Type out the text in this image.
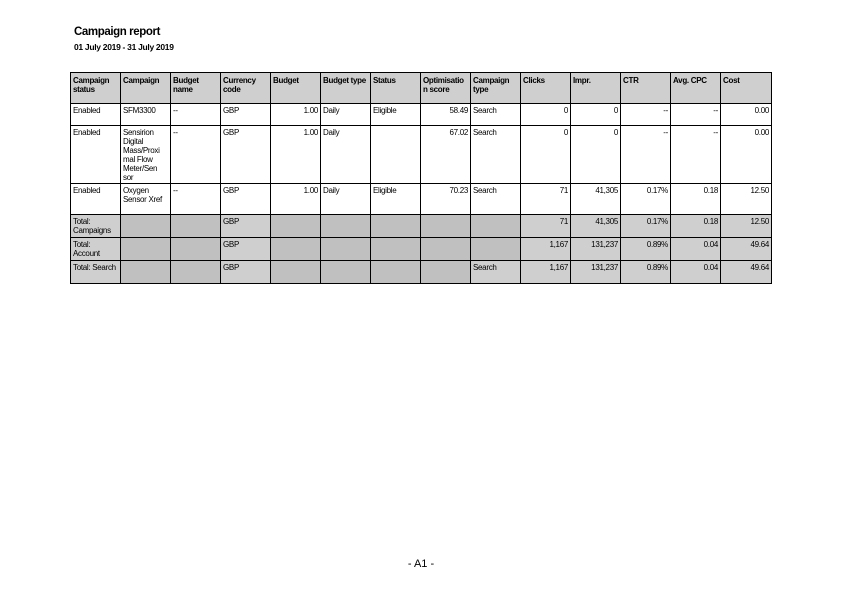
Campaign report
01 July 2019 - 31 July 2019
Campaign status	Campaign	Budget name	Currency code	Budget	Budget type	Status	Optimisatio n score	Campaign type	Clicks	Impr.	CTR	Avg. CPC	Cost
Enabled	SFM3300	--	GBP	1.00	Daily	Eligible	58.49	Search	0	0	--	--	0.00
Enabled	Sensirion Digital Mass/Proxi mal Flow Meter/Sen sor	--	GBP	1.00	Daily		67.02	Search	0	0	--	--	0.00
Enabled	Oxygen Sensor Xref	--	GBP	1.00	Daily	Eligible	70.23	Search	71	41,305	0.17%	0.18	12.50
Total: Campaigns			GBP						71	41,305	0.17%	0.18	12.50
Total: Account			GBP						1,167	131,237	0.89%	0.04	49.64
Total: Search			GBP					Search	1,167	131,237	0.89%	0.04	49.64
- A1 -
